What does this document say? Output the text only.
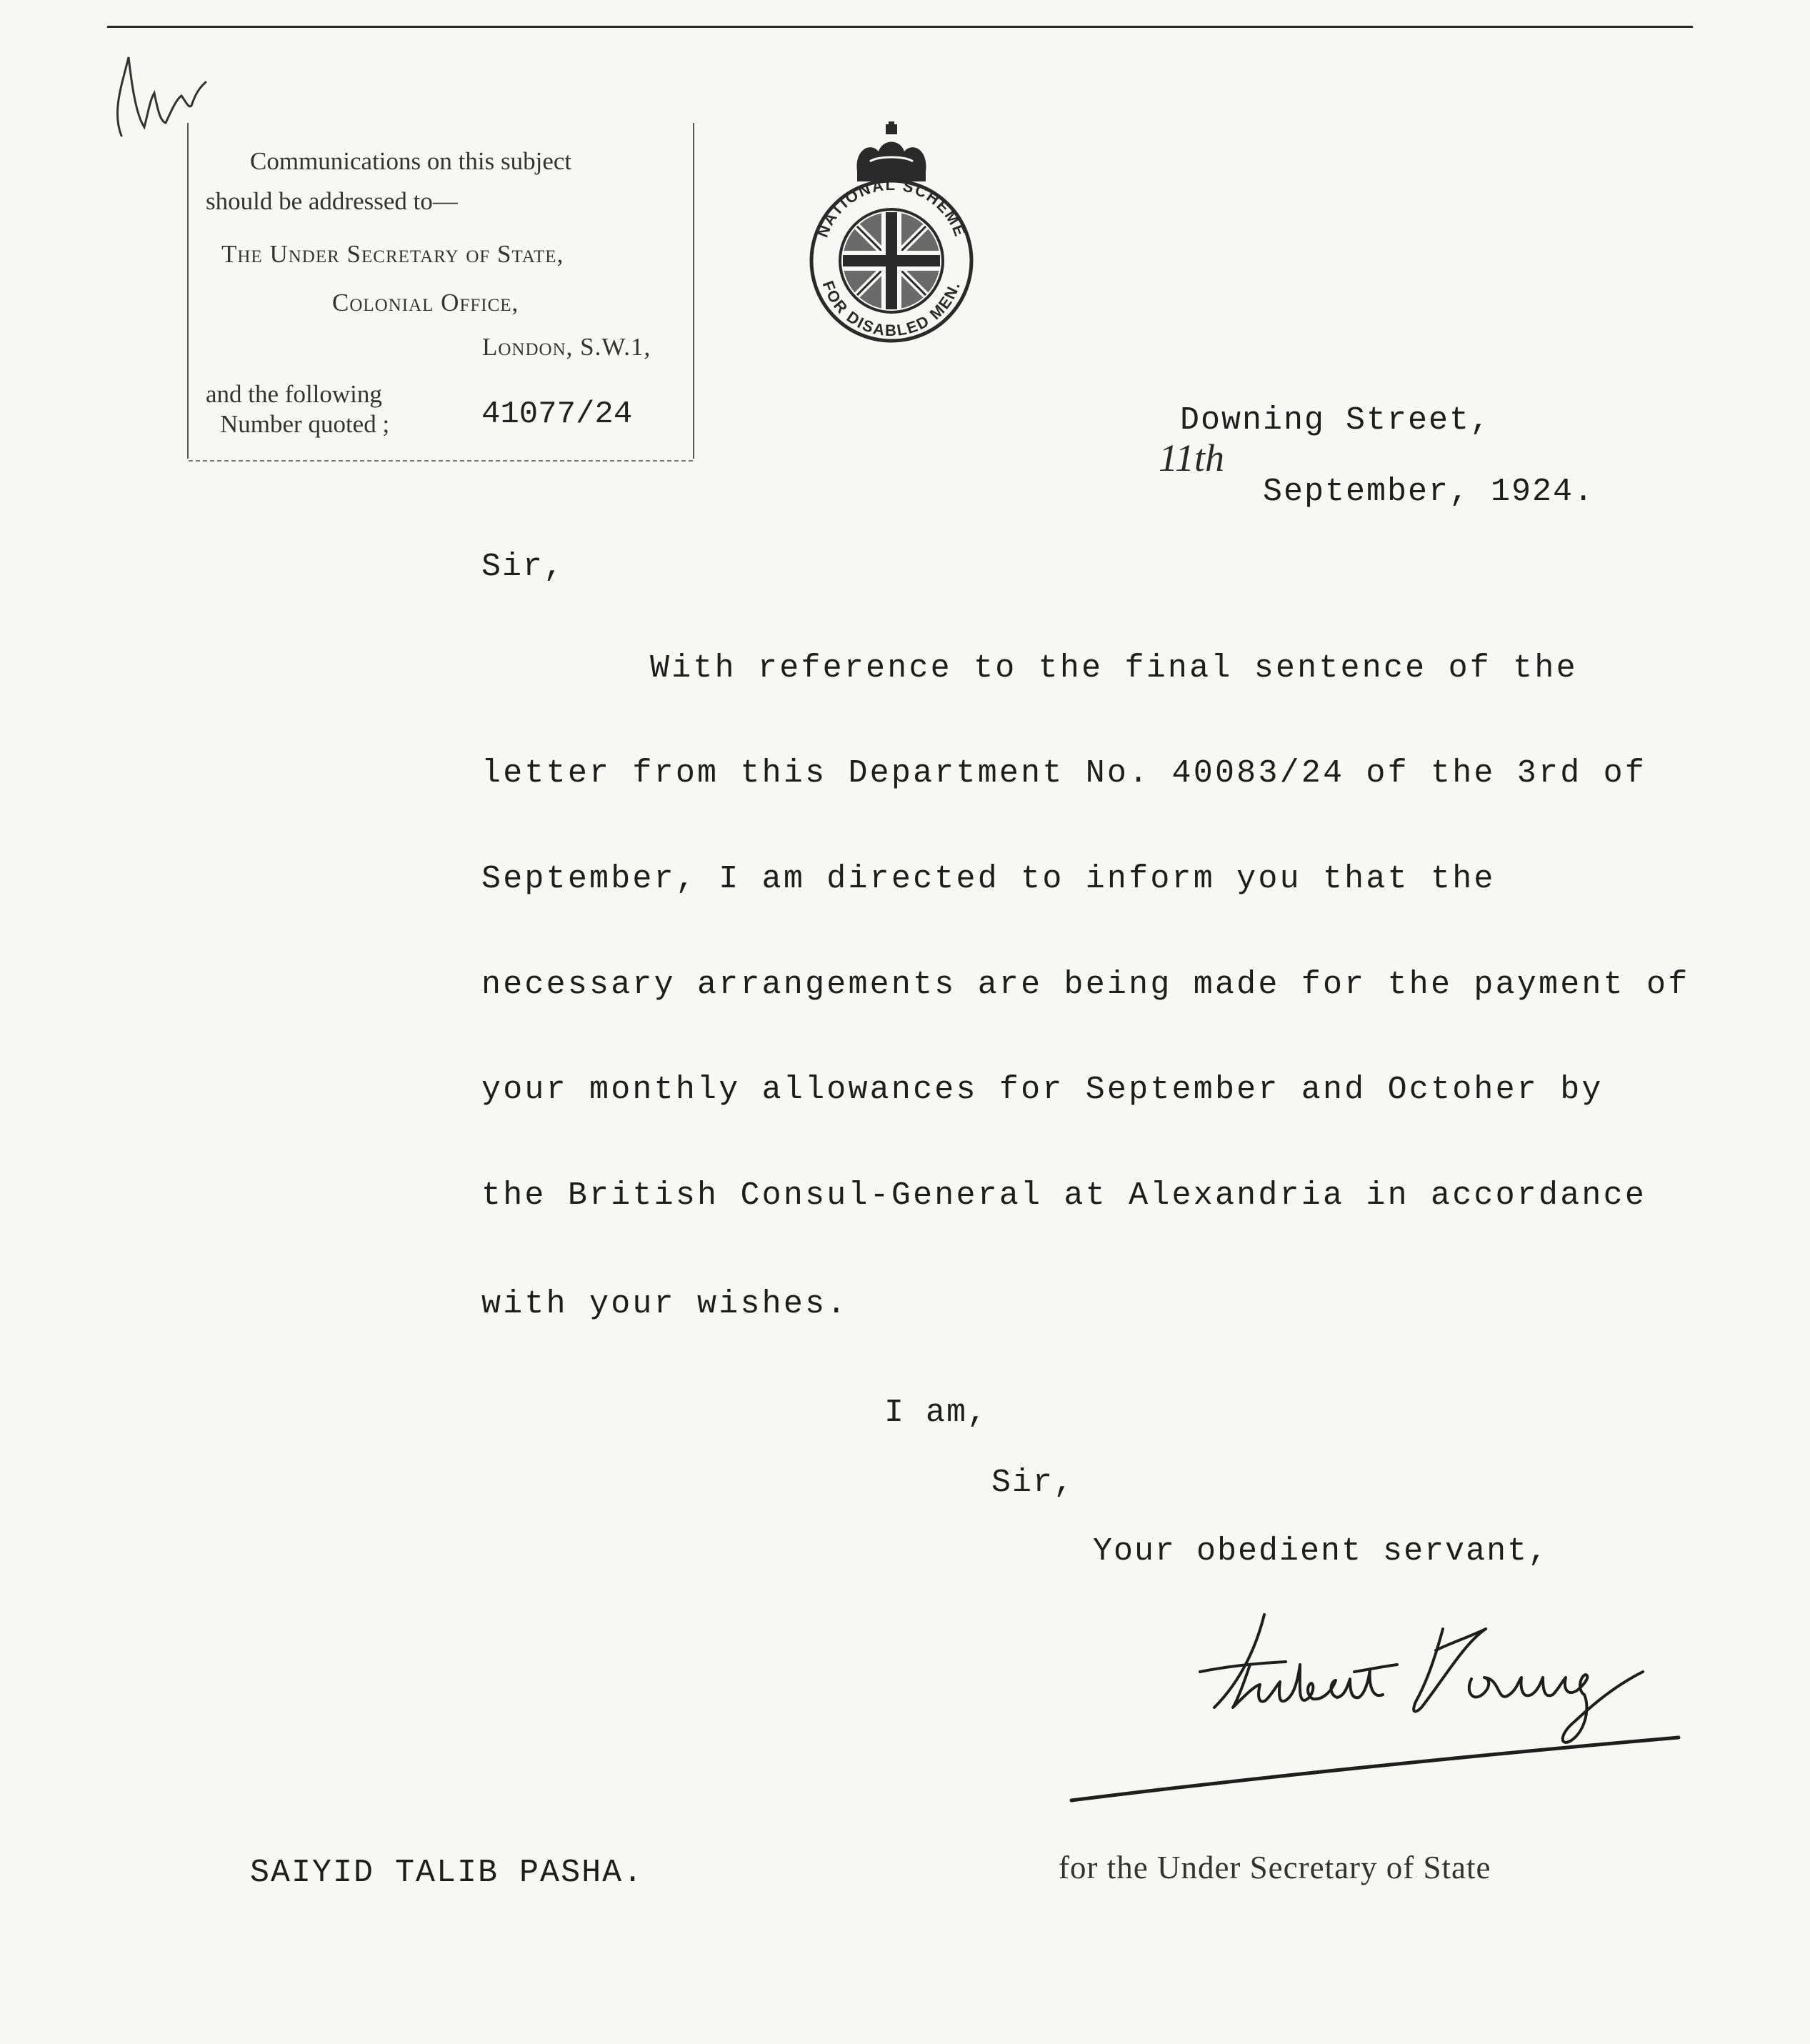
Communications on this subject
should be addressed to—
The Under Secretary of State,
Colonial Office,
London, S.W.1,
and the following
Number quoted ;	41077/24
NATIONAL SCHEME
FOR DISABLED MEN.
Downing Street,
11th
September, 1924.
Sir,
With reference to the final sentence of the
letter from this Department No. 40083/24 of the 3rd of
September, I am directed to inform you that the
necessary arrangements are being made for the payment of
your monthly allowances for September and Octoher by
the British Consul-General at Alexandria in accordance
with your wishes.
I am,
Sir,
Your obedient servant,
SAIYID TALIB PASHA.	for the Under Secretary of State
